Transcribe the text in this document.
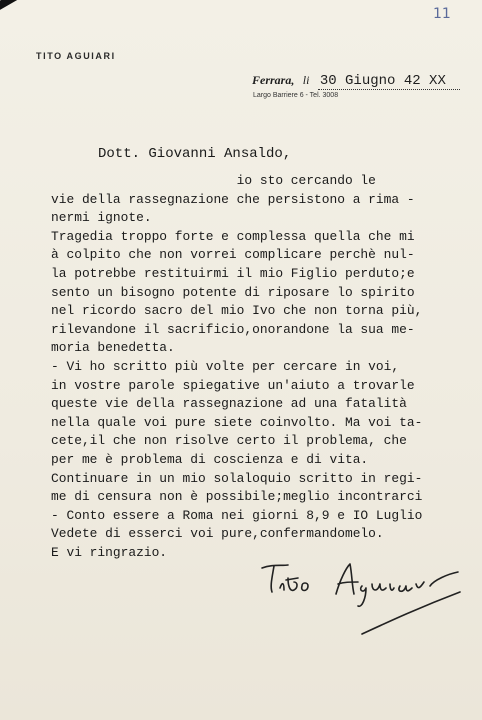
11
TITO AGUIARI
Ferrara, li 30 Giugno 42 XX

Largo Barriere 6 - Tel. 3008
Dott. Giovanni Ansaldo,
io sto cercando le
vie della rassegnazione che persistono a rima -
nermi ignote.
Tragedia troppo forte e complessa quella che mi
à colpito che non vorrei complicare perchè nul-
la potrebbe restituirmi il mio Figlio perduto;e
sento un bisogno potente di riposare lo spirito
nel ricordo sacro del mio Ivo che non torna più,
rilevandone il sacrificio,onorandone la sua me-
moria benedetta.
- Vi ho scritto più volte per cercare in voi,
in vostre parole spiegative un'aiuto a trovarle
queste vie della rassegnazione ad una fatalità
nella quale voi pure siete coinvolto. Ma voi ta-
cete,il che non risolve certo il problema, che
per me è problema di coscienza e di vita.
Continuare in un mio solaloquio scritto in regi-
me di censura non è possibile;meglio incontrarci
- Conto essere a Roma nei giorni 8,9 e IO Luglio
Vedete di esserci voi pure,confermandomelo.
E vi ringrazio.
